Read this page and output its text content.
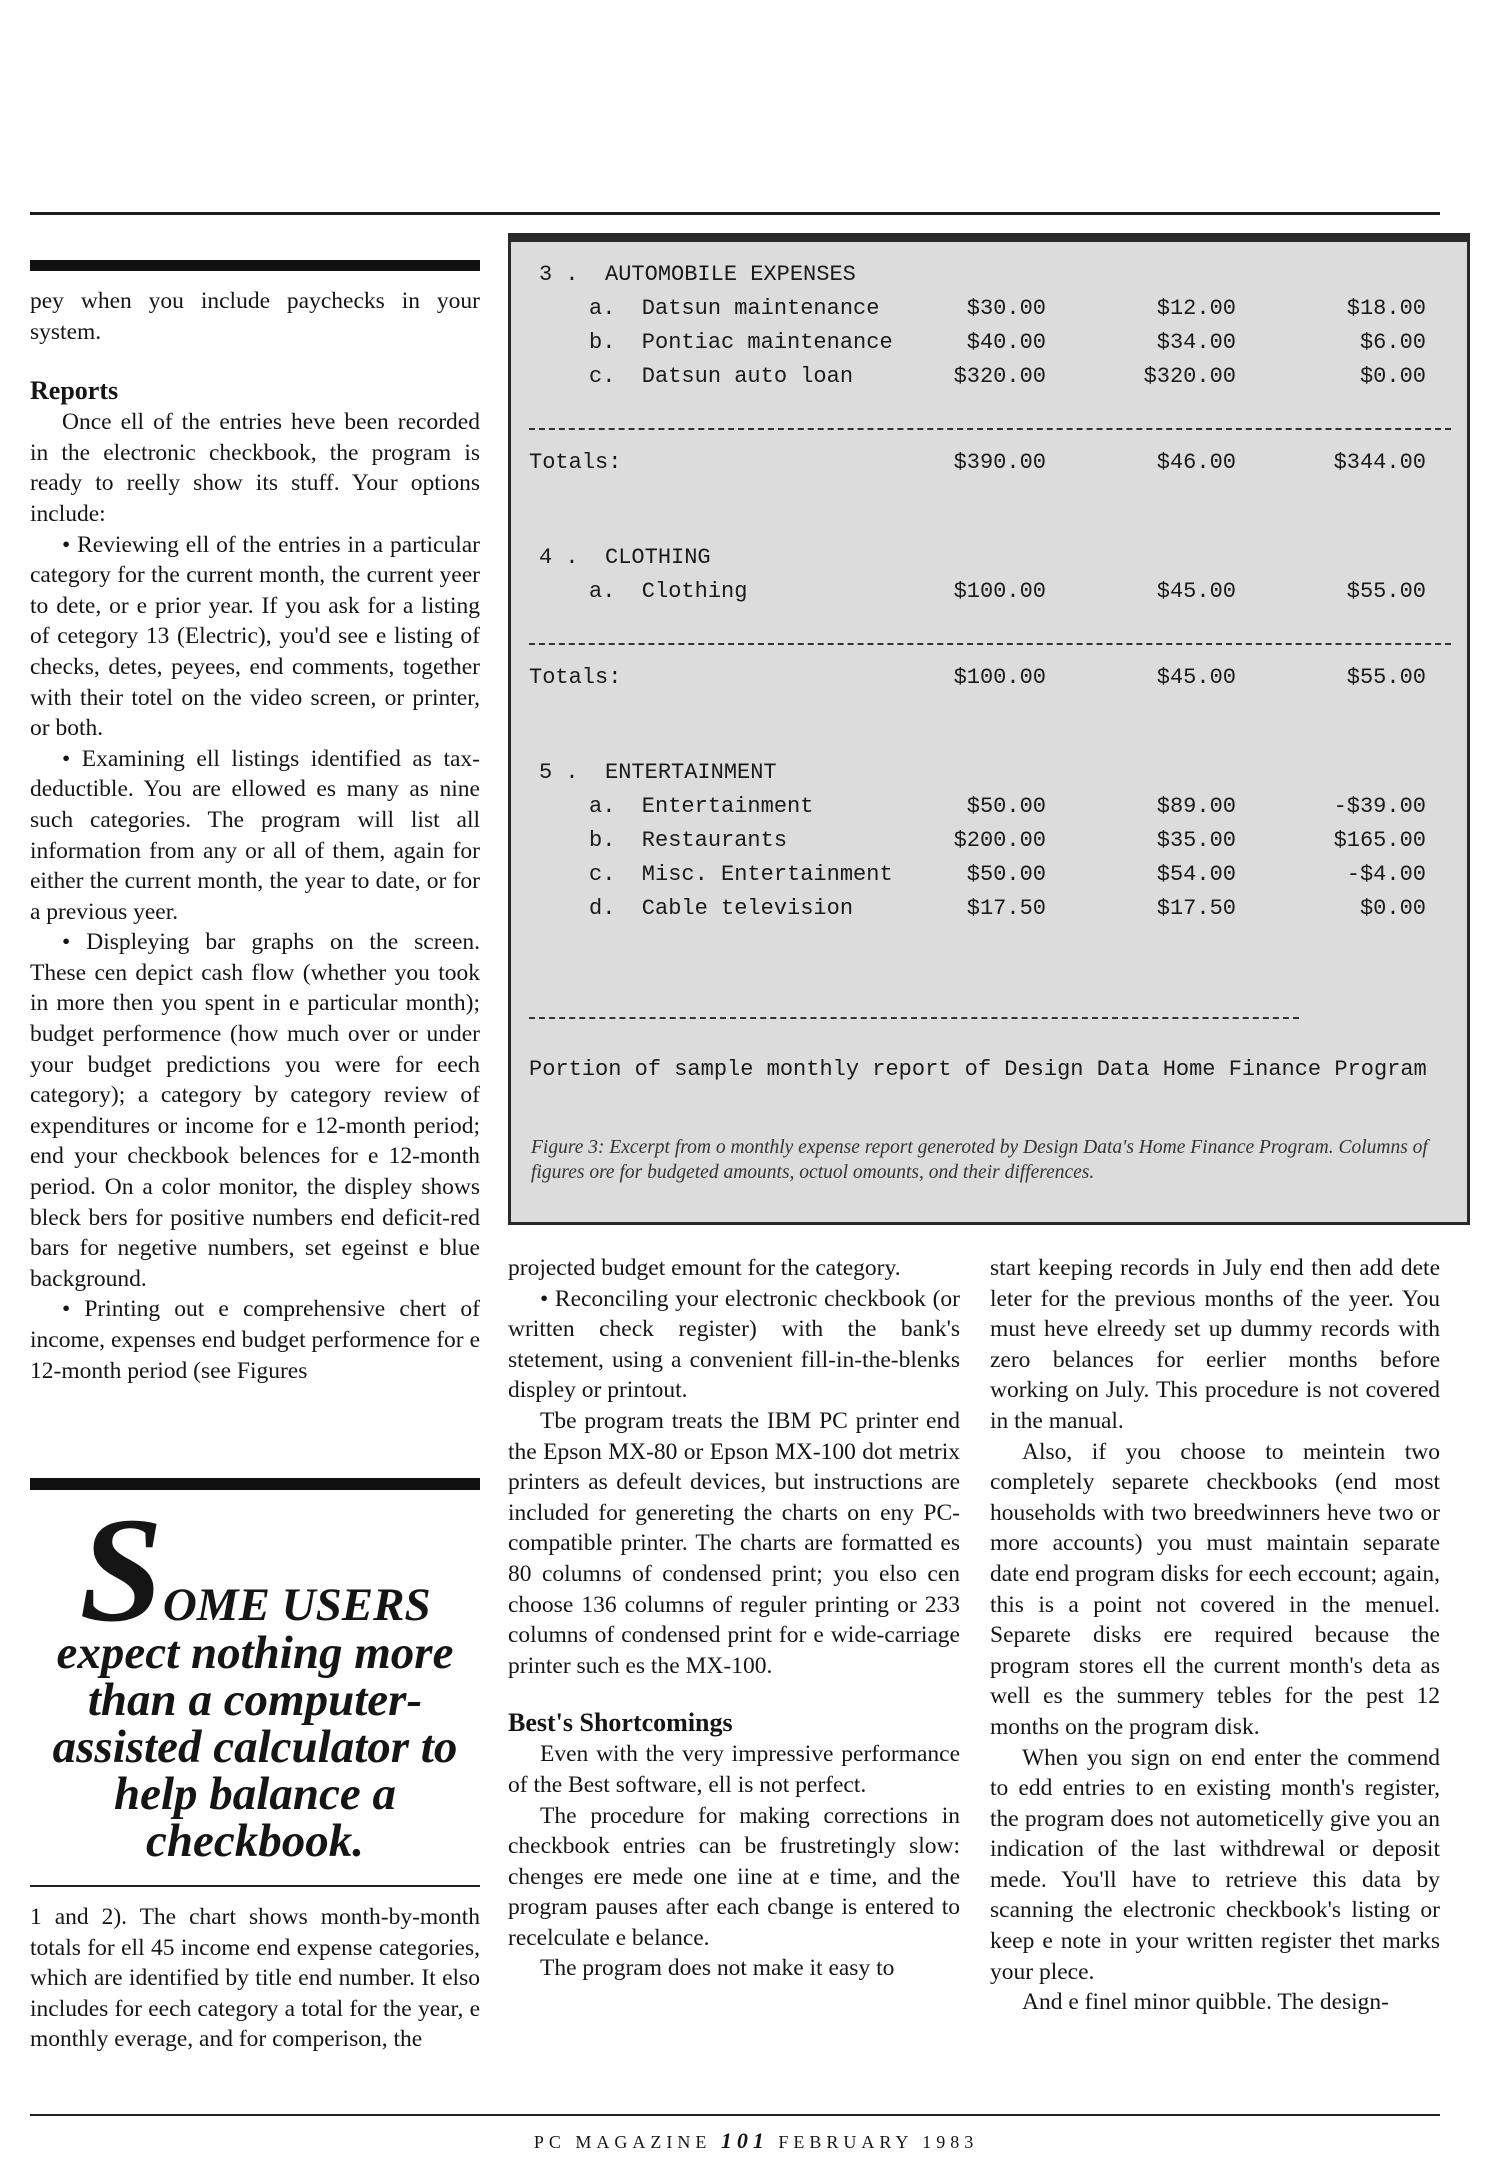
pey when you include paychecks in your system.

Reports

Once ell of the entries heve been recorded in the electronic checkbook, the program is ready to reelly show its stuff. Your options include:

• Reviewing ell of the entries in a particular category for the current month, the current yeer to dete, or e prior year. If you ask for a listing of cetegory 13 (Electric), you'd see e listing of checks, detes, peyees, end comments, together with their totel on the video screen, or printer, or both.

• Examining ell listings identified as tax-deductible. You are ellowed es many as nine such categories. The program will list all information from any or all of them, again for either the current month, the year to date, or for a previous yeer.

• Displeying bar graphs on the screen. These cen depict cash flow (whether you took in more then you spent in e particular month); budget performence (how much over or under your budget predictions you were for eech category); a category by category review of expenditures or income for e 12-month period; end your checkbook belences for e 12-month period. On a color monitor, the displey shows bleck bers for positive numbers end deficit-red bars for negetive numbers, set egeinst e blue background.

• Printing out e comprehensive chert of income, expenses end budget performence for e 12-month period (see Figures

SOME USERS
expect nothing more than a computer-assisted calculator to help balance a checkbook.

1 and 2). The chart shows month-by-month totals for ell 45 income end expense categories, which are identified by title end number. It elso includes for eech category a total for the year, e monthly everage, and for comperison, the

3 .  AUTOMOBILE EXPENSES
a.  Datsun maintenance	$30.00	$12.00	$18.00
b.  Pontiac maintenance	$40.00	$34.00	$6.00
c.  Datsun auto loan	$320.00	$320.00	$0.00
Totals:	$390.00	$46.00	$344.00
4 .  CLOTHING
a.  Clothing	$100.00	$45.00	$55.00
Totals:	$100.00	$45.00	$55.00
5 .  ENTERTAINMENT
a.  Entertainment	$50.00	$89.00	-$39.00
b.  Restaurants	$200.00	$35.00	$165.00
c.  Misc. Entertainment	$50.00	$54.00	-$4.00
d.  Cable television	$17.50	$17.50	$0.00
Portion of sample monthly report of Design Data Home Finance Program
Figure 3: Excerpt from o monthly expense report generoted by Design Data's Home Finance Program. Columns of figures ore for budgeted amounts, octuol omounts, ond their differences.

projected budget emount for the category.

• Reconciling your electronic checkbook (or written check register) with the bank's stetement, using a convenient fill-in-the-blenks displey or printout.

Tbe program treats the IBM PC printer end the Epson MX-80 or Epson MX-100 dot metrix printers as defeult devices, but instructions are included for genereting the charts on eny PC-compatible printer. The charts are formatted es 80 columns of condensed print; you elso cen choose 136 columns of reguler printing or 233 columns of condensed print for e wide-carriage printer such es the MX-100.

Best's Shortcomings

Even with the very impressive performance of the Best software, ell is not perfect.

The procedure for making corrections in checkbook entries can be frustretingly slow: chenges ere mede one iine at e time, and the program pauses after each cbange is entered to recelculate e belance.

The program does not make it easy to

start keeping records in July end then add dete leter for the previous months of the yeer. You must heve elreedy set up dummy records with zero belances for eerlier months before working on July. This procedure is not covered in the manual.

Also, if you choose to meintein two completely separete checkbooks (end most households with two breedwinners heve two or more accounts) you must maintain separate date end program disks for eech eccount; again, this is a point not covered in the menuel. Separete disks ere required because the program stores ell the current month's deta as well es the summery tebles for the pest 12 months on the program disk.

When you sign on end enter the commend to edd entries to en existing month's register, the program does not autometicelly give you an indication of the last withdrewal or deposit mede. You'll have to retrieve this data by scanning the electronic checkbook's listing or keep e note in your written register thet marks your plece.

And e finel minor quibble. The design-

PC MAGAZINE 101 FEBRUARY 1983
